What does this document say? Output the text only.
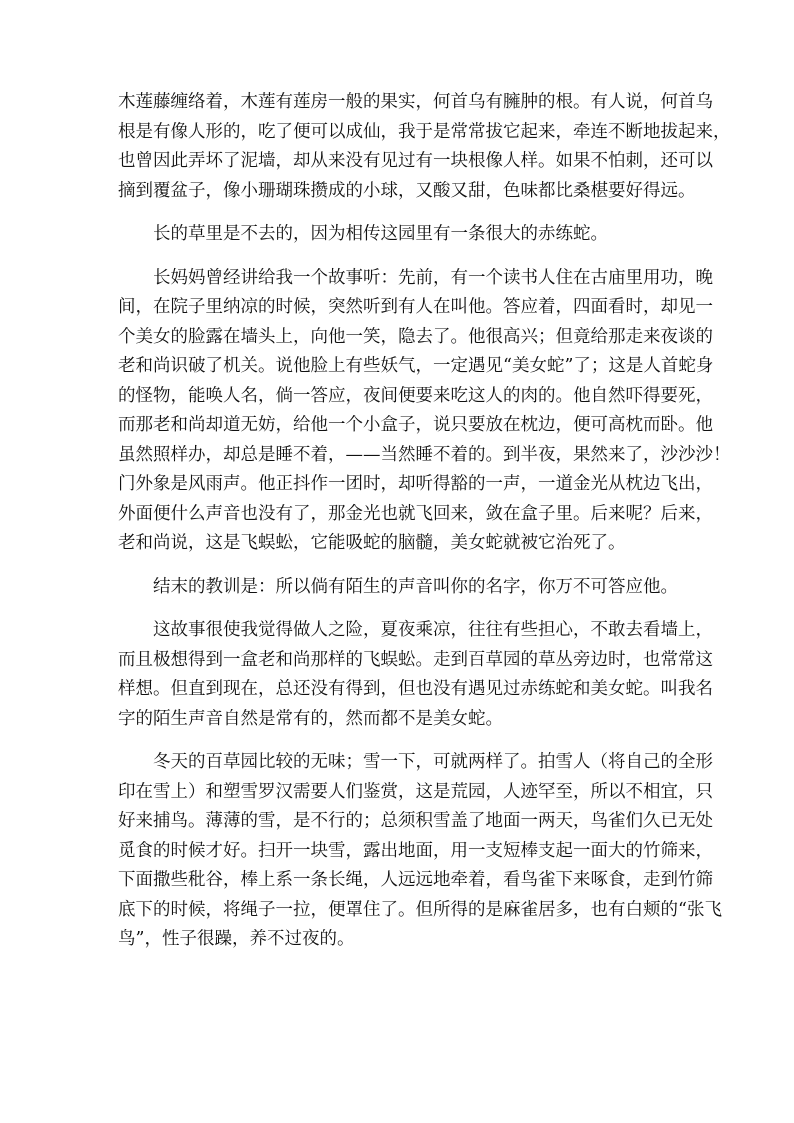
木莲藤缠络着，木莲有莲房一般的果实，何首乌有臃肿的根。有人说，何首乌
根是有像人形的，吃了便可以成仙，我于是常常拔它起来，牵连不断地拔起来，
也曾因此弄坏了泥墙，却从来没有见过有一块根像人样。如果不怕刺，还可以
摘到覆盆子，像小珊瑚珠攒成的小球，又酸又甜，色味都比桑椹要好得远。
长的草里是不去的，因为相传这园里有一条很大的赤练蛇。
长妈妈曾经讲给我一个故事听：先前，有一个读书人住在古庙里用功，晚
间，在院子里纳凉的时候，突然听到有人在叫他。答应着，四面看时，却见一
个美女的脸露在墙头上，向他一笑，隐去了。他很高兴；但竟给那走来夜谈的
老和尚识破了机关。说他脸上有些妖气，一定遇见“美女蛇”了；这是人首蛇身
的怪物，能唤人名，倘一答应，夜间便要来吃这人的肉的。他自然吓得要死，
而那老和尚却道无妨，给他一个小盒子，说只要放在枕边，便可高枕而卧。他
虽然照样办，却总是睡不着，——当然睡不着的。到半夜，果然来了，沙沙沙！
门外象是风雨声。他正抖作一团时，却听得豁的一声，一道金光从枕边飞出，
外面便什么声音也没有了，那金光也就飞回来，敛在盒子里。后来呢？后来，
老和尚说，这是飞蜈蚣，它能吸蛇的脑髓，美女蛇就被它治死了。
结末的教训是：所以倘有陌生的声音叫你的名字，你万不可答应他。
这故事很使我觉得做人之险，夏夜乘凉，往往有些担心，不敢去看墙上，
而且极想得到一盒老和尚那样的飞蜈蚣。走到百草园的草丛旁边时，也常常这
样想。但直到现在，总还没有得到，但也没有遇见过赤练蛇和美女蛇。叫我名
字的陌生声音自然是常有的，然而都不是美女蛇。
冬天的百草园比较的无味；雪一下，可就两样了。拍雪人（将自己的全形
印在雪上）和塑雪罗汉需要人们鉴赏，这是荒园，人迹罕至，所以不相宜，只
好来捕鸟。薄薄的雪，是不行的；总须积雪盖了地面一两天，鸟雀们久已无处
觅食的时候才好。扫开一块雪，露出地面，用一支短棒支起一面大的竹筛来，
下面撒些秕谷，棒上系一条长绳，人远远地牵着，看鸟雀下来啄食，走到竹筛
底下的时候，将绳子一拉，便罩住了。但所得的是麻雀居多，也有白颊的“张飞
鸟”，性子很躁，养不过夜的。
